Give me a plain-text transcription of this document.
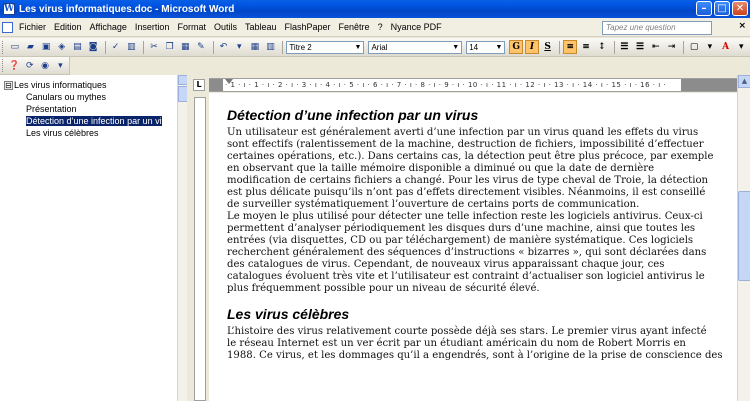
W Les virus informatiques.doc - Microsoft Word	–	□ ✕
Fichier Edition Affichage Insertion Format Outils Tableau FlashPaper Fenêtre ? Nyance PDF	Tapez une question	×
▭ ▰ ▣ ◈ ▤ ◙	✓ ▥	✂ ❐ ▦ ✎	↶	▾	▦ ▥	Titre 2	▼ Arial	▼ 14 ▼	G	I	S	≡ ≡ ↕	☰ ☰ ⇤ ⇥	▢	▾	A	▾
❓ ⟳ ◉	▾
⊟ Les virus informatiques
Canulars ou mythes
Présentation
Détection d’une infection par un vi
Les virus célèbres
L	· 1 · ı · 1 · ı · 2 · ı · 3 · ı · 4 · ı · 5 · ı · 6 · ı · 7 · ı · 8 · ı · 9 · ı · 10 · ı · 11 · ı · 12 · ı · 13 · ı · 14 · ı · 15 · ı · 16 · ı ·
Détection d’une infection par un virus

Un utilisateur est généralement averti d’une infection par un virus quand les effets du virus
sont effectifs (ralentissement de la machine, destruction de fichiers, impossibilité d’effectuer
certaines opérations, etc.). Dans certains cas, la détection peut être plus précoce, par exemple
en observant que la taille mémoire disponible a diminué ou que la date de dernière
modification de certains fichiers a changé. Pour les virus de type cheval de Troie, la détection
est plus délicate puisqu’ils n’ont pas d’effets directement visibles. Néanmoins, il est conseillé
de surveiller systématiquement l’ouverture de certains ports de communication.

Le moyen le plus utilisé pour détecter une telle infection reste les logiciels antivirus. Ceux-ci
permettent d’analyser périodiquement les disques durs d’une machine, ainsi que toutes les
entrées (via disquettes, CD ou par téléchargement) de manière systématique. Ces logiciels
recherchent généralement des séquences d’instructions « bizarres », qui sont déclarées dans
des catalogues de virus. Cependant, de nouveaux virus apparaissant chaque jour, ces
catalogues évoluent très vite et l’utilisateur est contraint d’actualiser son logiciel antivirus le
plus fréquemment possible pour un niveau de sécurité élevé.

Les virus célèbres

L’histoire des virus relativement courte possède déjà ses stars. Le premier virus ayant infecté
le réseau Internet est un ver écrit par un étudiant américain du nom de Robert Morris en
1988. Ce virus, et les dommages qu’il a engendrés, sont à l’origine de la prise de conscience des

▲
